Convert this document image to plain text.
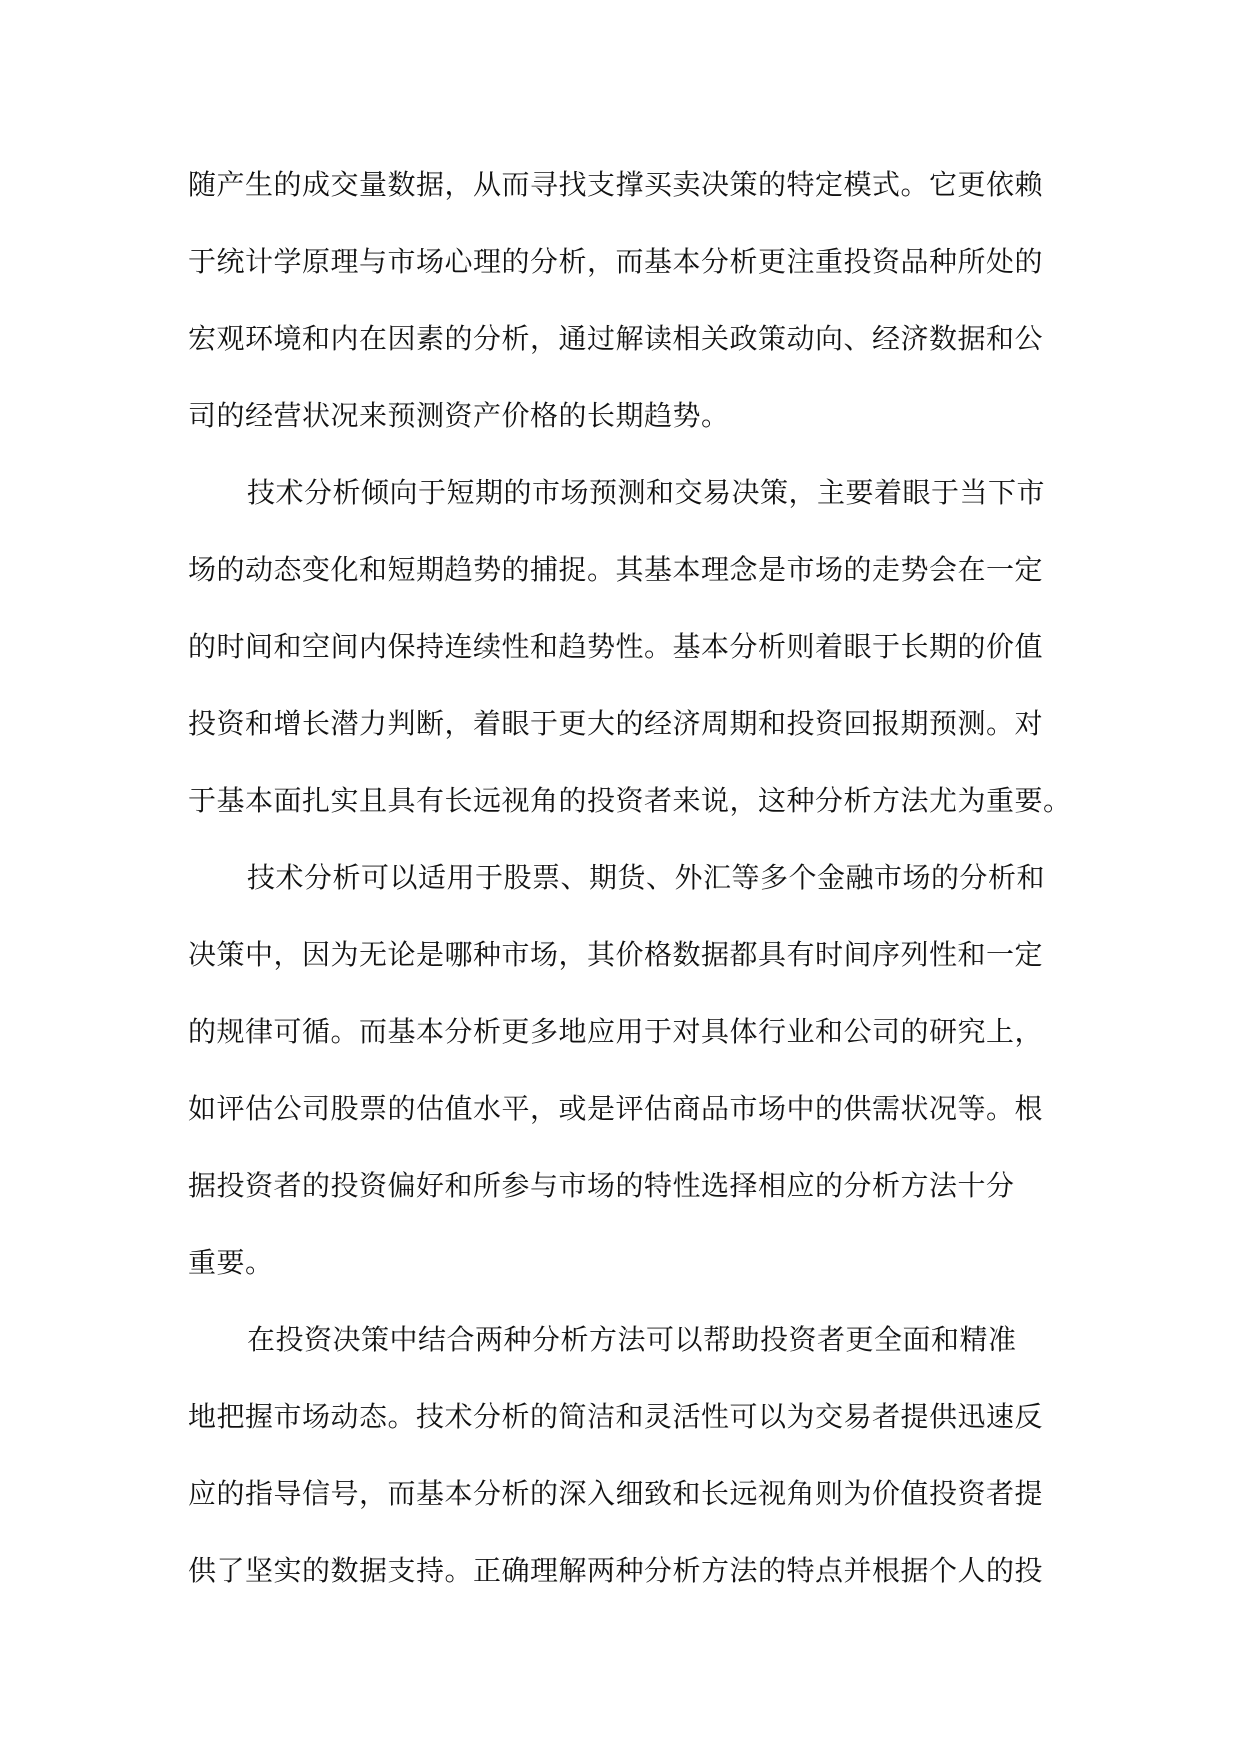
随产生的成交量数据，从而寻找支撑买卖决策的特定模式。它更依赖
于统计学原理与市场心理的分析，而基本分析更注重投资品种所处的
宏观环境和内在因素的分析，通过解读相关政策动向、经济数据和公
司的经营状况来预测资产价格的长期趋势。
技术分析倾向于短期的市场预测和交易决策，主要着眼于当下市
场的动态变化和短期趋势的捕捉。其基本理念是市场的走势会在一定
的时间和空间内保持连续性和趋势性。基本分析则着眼于长期的价值
投资和增长潜力判断，着眼于更大的经济周期和投资回报期预测。对
于基本面扎实且具有长远视角的投资者来说，这种分析方法尤为重要。
技术分析可以适用于股票、期货、外汇等多个金融市场的分析和
决策中，因为无论是哪种市场，其价格数据都具有时间序列性和一定
的规律可循。而基本分析更多地应用于对具体行业和公司的研究上，
如评估公司股票的估值水平，或是评估商品市场中的供需状况等。根
据投资者的投资偏好和所参与市场的特性选择相应的分析方法十分
重要。
在投资决策中结合两种分析方法可以帮助投资者更全面和精准
地把握市场动态。技术分析的简洁和灵活性可以为交易者提供迅速反
应的指导信号，而基本分析的深入细致和长远视角则为价值投资者提
供了坚实的数据支持。正确理解两种分析方法的特点并根据个人的投
